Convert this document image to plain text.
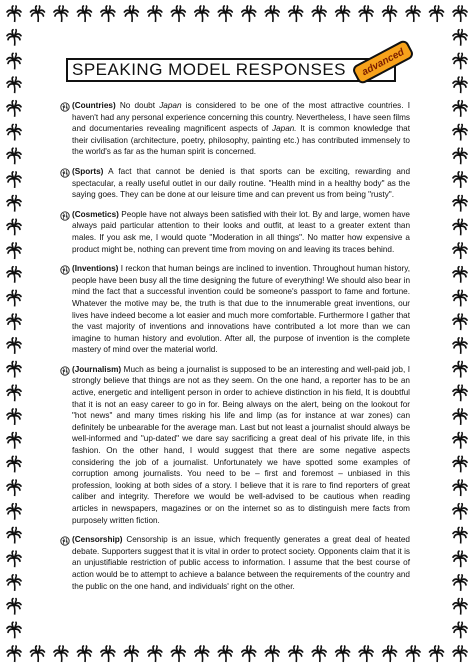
SPEAKING MODEL RESPONSES advanced

(Countries) No doubt Japan is considered to be one of the most attractive countries. I haven't had any personal experience concerning this country. Nevertheless, I have seen films and documentaries revealing magnificent aspects of Japan. It is common knowledge that their civilisation (architecture, poetry, philosophy, painting etc.) has contributed immensely to the world's as far as the human spirit is concerned.

(Sports) A fact that cannot be denied is that sports can be exciting, rewarding and spectacular, a really useful outlet in our daily routine. "Health mind in a healthy body" as the saying goes. They can be done at our leisure time and can prevent us from being "rusty".

(Cosmetics) People have not always been satisfied with their lot. By and large, women have always paid particular attention to their looks and outfit, at least to a greater extent than males. If you ask me, I would quote "Moderation in all things". No matter how expensive a product might be, nothing can prevent time from moving on and leaving its traces behind.

(Inventions) I reckon that human beings are inclined to invention. Throughout human history, people have been busy all the time designing the future of everything! We should also bear in mind the fact that a successful invention could be someone's passport to fame and fortune. Whatever the motive may be, the truth is that due to the innumerable great inventions, our lives have indeed become a lot easier and much more comfortable. Furthermore I gather that the vast majority of inventions and innovations have contributed a lot more than we can imagine to human history and evolution. After all, the purpose of invention is the complete mastery of mind over the material world.

(Journalism) Much as being a journalist is supposed to be an interesting and well-paid job, I strongly believe that things are not as they seem. On the one hand, a reporter has to be an active, energetic and intelligent person in order to achieve distinction in his field, It is doubtful that it is not an easy career to go in for. Being always on the alert, being on the lookout for "hot news" and many times risking his life and limp (as for instance at war zones) can definitely be unbearable for the average man. Last but not least a journalist should always be well-informed and "up-dated" we dare say sacrificing a great deal of his private life, in this fashion. On the other hand, I would suggest that there are some negative aspects considering the job of a journalist. Unfortunately we have spotted some examples of corruption among journalists. You need to be – first and foremost – unbiased in this profession, looking at both sides of a story. I believe that it is rare to find reporters of great caliber and integrity. Therefore we would be well-advised to be cautious when reading articles in newspapers, magazines or on the internet so as to distinguish mere facts from purposely written fiction.

(Censorship) Censorship is an issue, which frequently generates a great deal of heated debate. Supporters suggest that it is vital in order to protect society. Opponents claim that it is an unjustifiable restriction of public access to information. I assume that the best course of action would be to attempt to achieve a balance between the requirements of the country and the public on the one hand, and individuals' right on the other.
